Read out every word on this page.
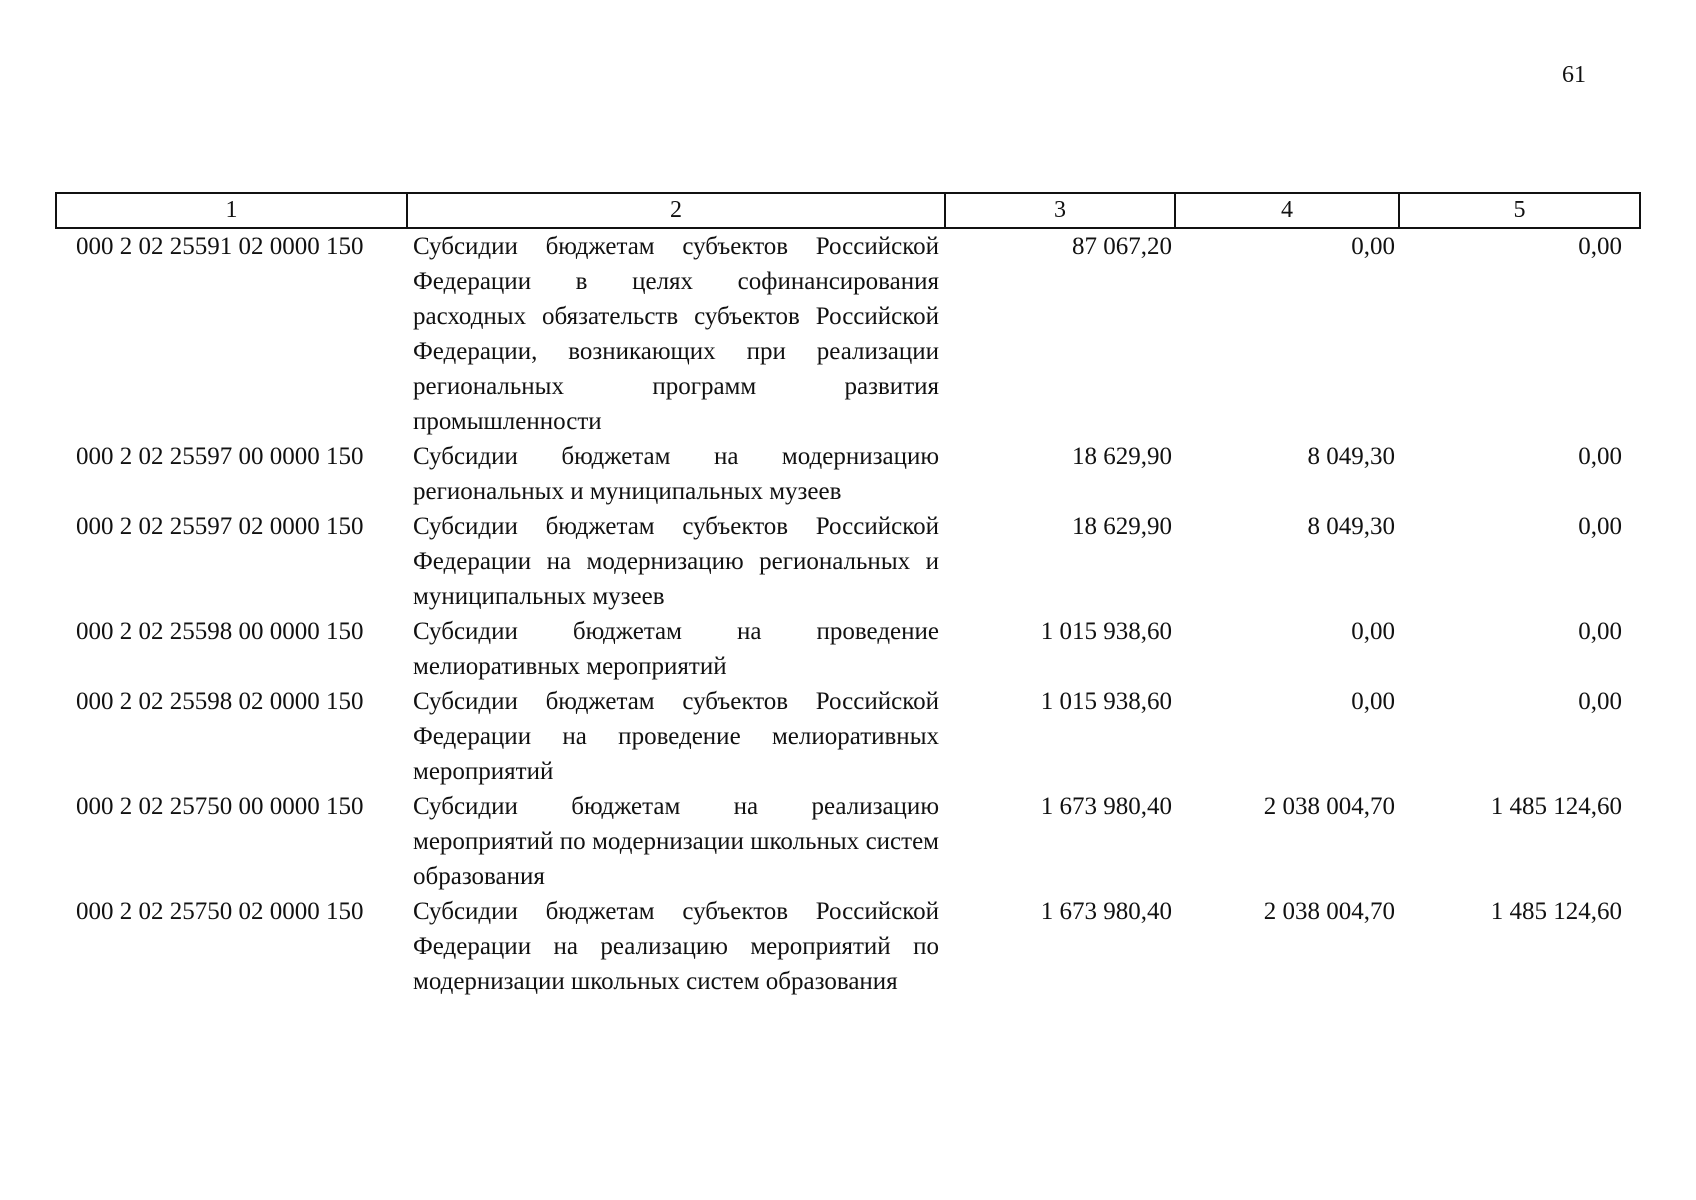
61
1	2	3	4	5
000 2 02 25591 02 0000 150	Субсидии бюджетам субъектов Российской Федерации в целях софинансирования расходных обязательств субъектов Российской Федерации, возникающих при реализации региональных программ развития промышленности	87 067,20	0,00	0,00
000 2 02 25597 00 0000 150	Субсидии бюджетам на модернизацию региональных и муниципальных музеев	18 629,90	8 049,30	0,00
000 2 02 25597 02 0000 150	Субсидии бюджетам субъектов Российской Федерации на модернизацию региональных и муниципальных музеев	18 629,90	8 049,30	0,00
000 2 02 25598 00 0000 150	Субсидии бюджетам на проведение мелиоративных мероприятий	1 015 938,60	0,00	0,00
000 2 02 25598 02 0000 150	Субсидии бюджетам субъектов Российской Федерации на проведение мелиоративных мероприятий	1 015 938,60	0,00	0,00
000 2 02 25750 00 0000 150	Субсидии бюджетам на реализацию мероприятий по модернизации школьных систем образования	1 673 980,40	2 038 004,70	1 485 124,60
000 2 02 25750 02 0000 150	Субсидии бюджетам субъектов Российской Федерации на реализацию мероприятий по модернизации школьных систем образования	1 673 980,40	2 038 004,70	1 485 124,60
